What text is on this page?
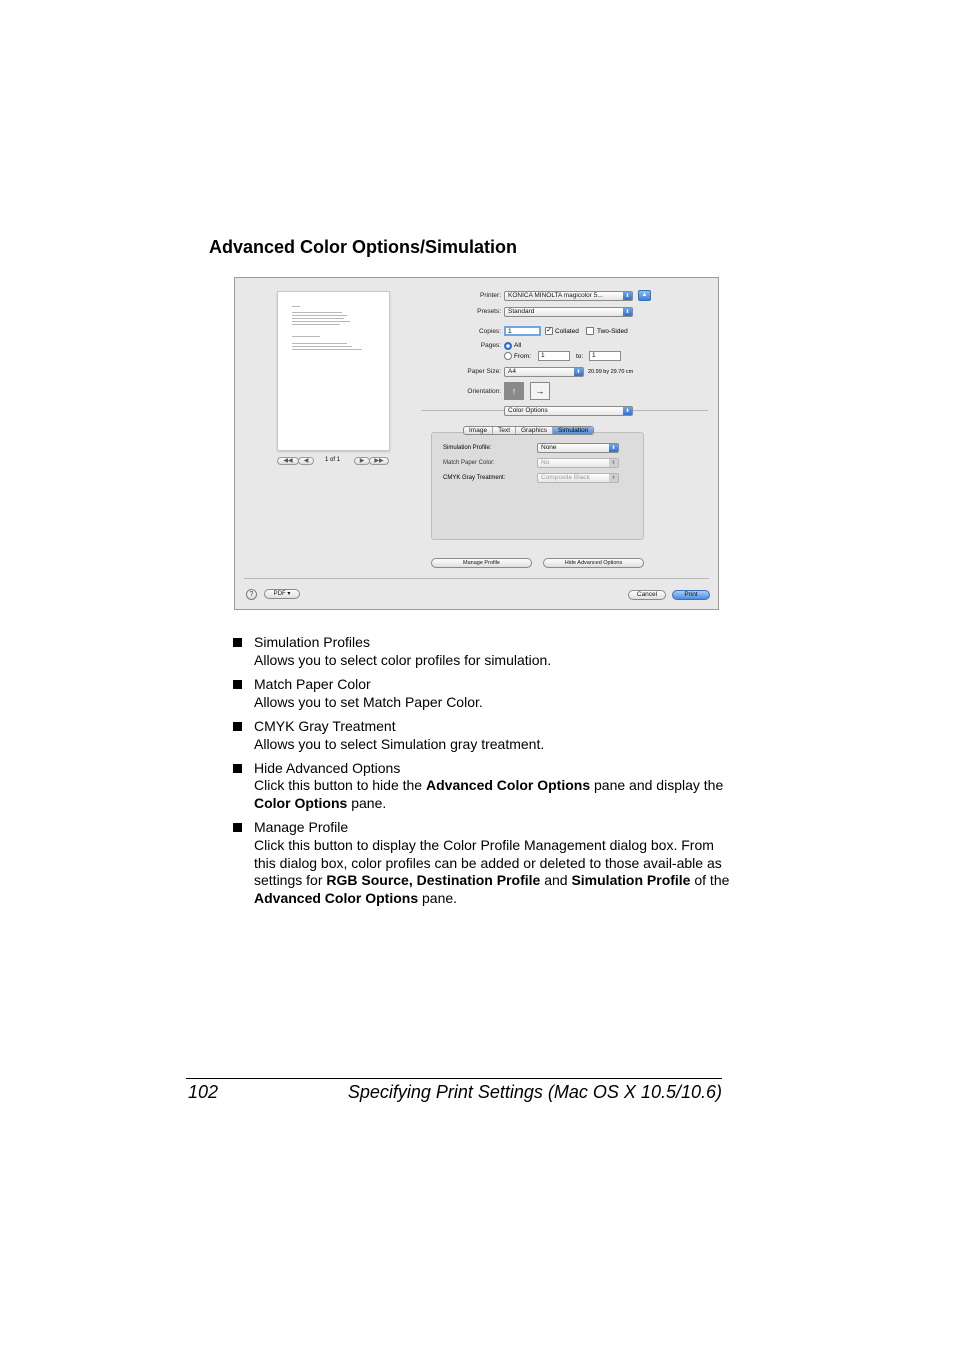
Advanced Color Options/Simulation
◀◀	◀	1 of 1	▶	▶▶
Printer:	KONICA MINOLTA magicolor 5...	⬍	▲
Presets:	Standard	⬍
Copies:	1	✓ Collated	Two-Sided
Pages: All
From:	1	to:	1
Paper Size:	A4	⬍	20.99 by 29.70 cm
Orientation:	↑	→
Color Options	⬍
Image	Text	Graphics	Simulation
Simulation Profile:	None	⬍
Match Paper Color:	No	⬍
CMYK Gray Treatment:	Composite Black	⬍
Manage Profile	Hide Advanced Options
?	PDF ▾	Cancel	Print
Simulation Profiles
Allows you to select color profiles for simulation.
Match Paper Color
Allows you to set Match Paper Color.
CMYK Gray Treatment
Allows you to select Simulation gray treatment.
Hide Advanced Options
Click this button to hide the Advanced Color Options pane and display the Color Options pane.
Manage Profile
Click this button to display the Color Profile Management dialog box. From this dialog box, color profiles can be added or deleted to those avail-able as settings for RGB Source, Destination Profile and Simulation Profile of the Advanced Color Options pane.
102	Specifying Print Settings (Mac OS X 10.5/10.6)
